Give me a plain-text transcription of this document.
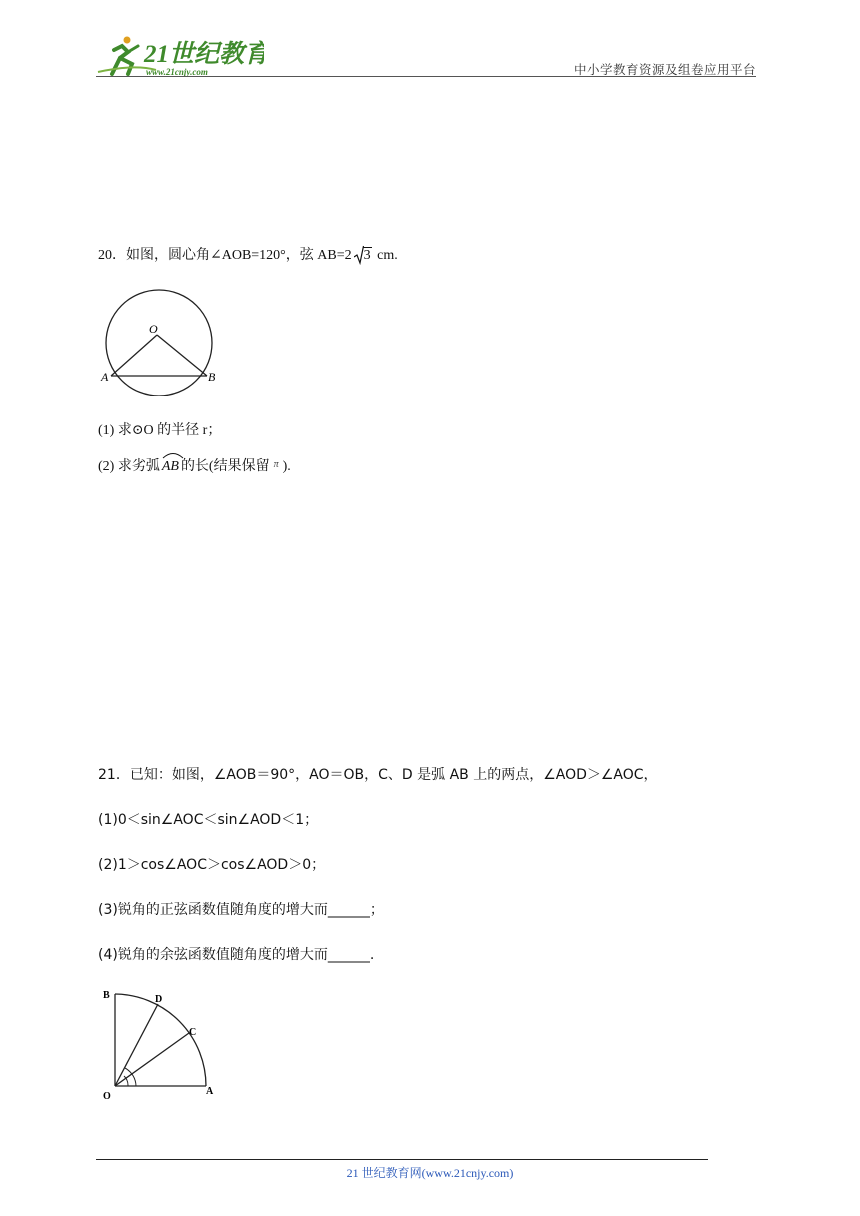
21世纪教育
www.21cnjy.com	中小学教育资源及组卷应用平台
20．如图，圆心角∠AOB=120°，弦 AB=2 3 cm.
O
A	B
(1) 求⊙O 的半径 r；
(2) 求劣弧 AB 的长(结果保留 $^\pi$ ).
21．已知：如图，∠AOB＝90°，AO＝OB，C、D 是弧 AB 上的两点，∠AOD＞∠AOC，
(1)0＜sin∠AOC＜sin∠AOD＜1；
(2)1＞cos∠AOC＞cos∠AOD＞0；
(3)锐角的正弦函数值随角度的增大而______；
(4)锐角的余弦函数值随角度的增大而______.
B	D
C
O	A
21 世纪教育网(www.21cnjy.com)
